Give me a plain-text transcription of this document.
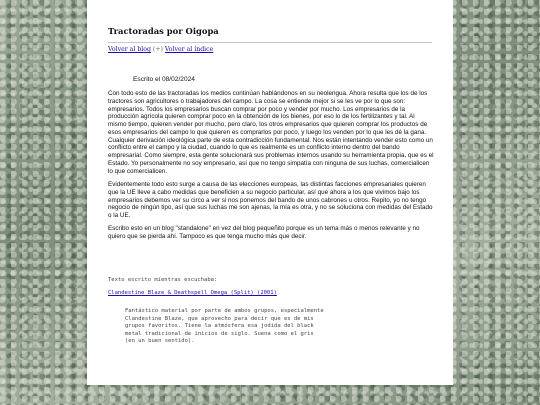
Tractoradas por Oigopa
Volver al blog (+) Volver al índice
Escrito el 08/02/2024

Con todo esto de las tractoradas los medios continúan hablándonos en su neolengua. Ahora resulta que los de los tractores son agricultores o trabajadores del campo. La cosa se entiende mejor si se les ve por lo que son: empresarios. Todos los empresarios buscan comprar por poco y vender por mucho. Los empresarios de la producción agrícola quieren comprar poco en la obtención de los bienes, por eso lo de los fertilizantes y tal. Al mismo tiempo, quieren vender por mucho, pero claro, los otros empresarios que quieren comprar los productos de esos empresarios del campo lo que quieren es comprarlos por poco, y luego los venden por lo que les dé la gana. Cualquier derivación ideológica parte de esta contradicción fundamental. Nos están intentando vender esto como un conflicto entre el campo y la ciudad, cuando lo que es realmente es un conflicto interno dentro del bando empresarial. Como siempre, esta gente solucionará sus problemas internos usando su herramienta propia, que es el Estado. Yo personalmente no soy empresario, así que no tengo simpatía con ninguna de sus luchas, comercialicen lo que comercialicen.

Evidentemente todo esto surge a causa de las elecciones europeas, las distintas facciones empresariales quieren que la UE lleve a cabo medidas que beneficien a su negocio particular, así que ahora a los que vivimos bajo los empresarios debemos ver su circo a ver si nos ponemos del bando de unos cabrones u otros. Repito, yo no tengo negocio de ningún tipo, así que sus luchas me son ajenas, la mía es otra, y no se soluciona con medidas del Estado o la UE.

Escribo esto en un blog "standalone" en vez del blog pequeñito porque es un tema más o menos relevante y no quiero que se pierda ahí. Tampoco es que tenga mucho más que decir.

Texto escrito mientras escuchaba:
Clandestine Blaze & Deathspell Omega (Split) (2001)

Fantástico material por parte de ambos grupos, especialmente Clandestine Blaze, que aprovecho para decir que es de mis grupos favoritos. Tiene la atmósfera esa jodida del black metal tradicional de inicios de siglo. Suena como el gris (en un buen sentido).
